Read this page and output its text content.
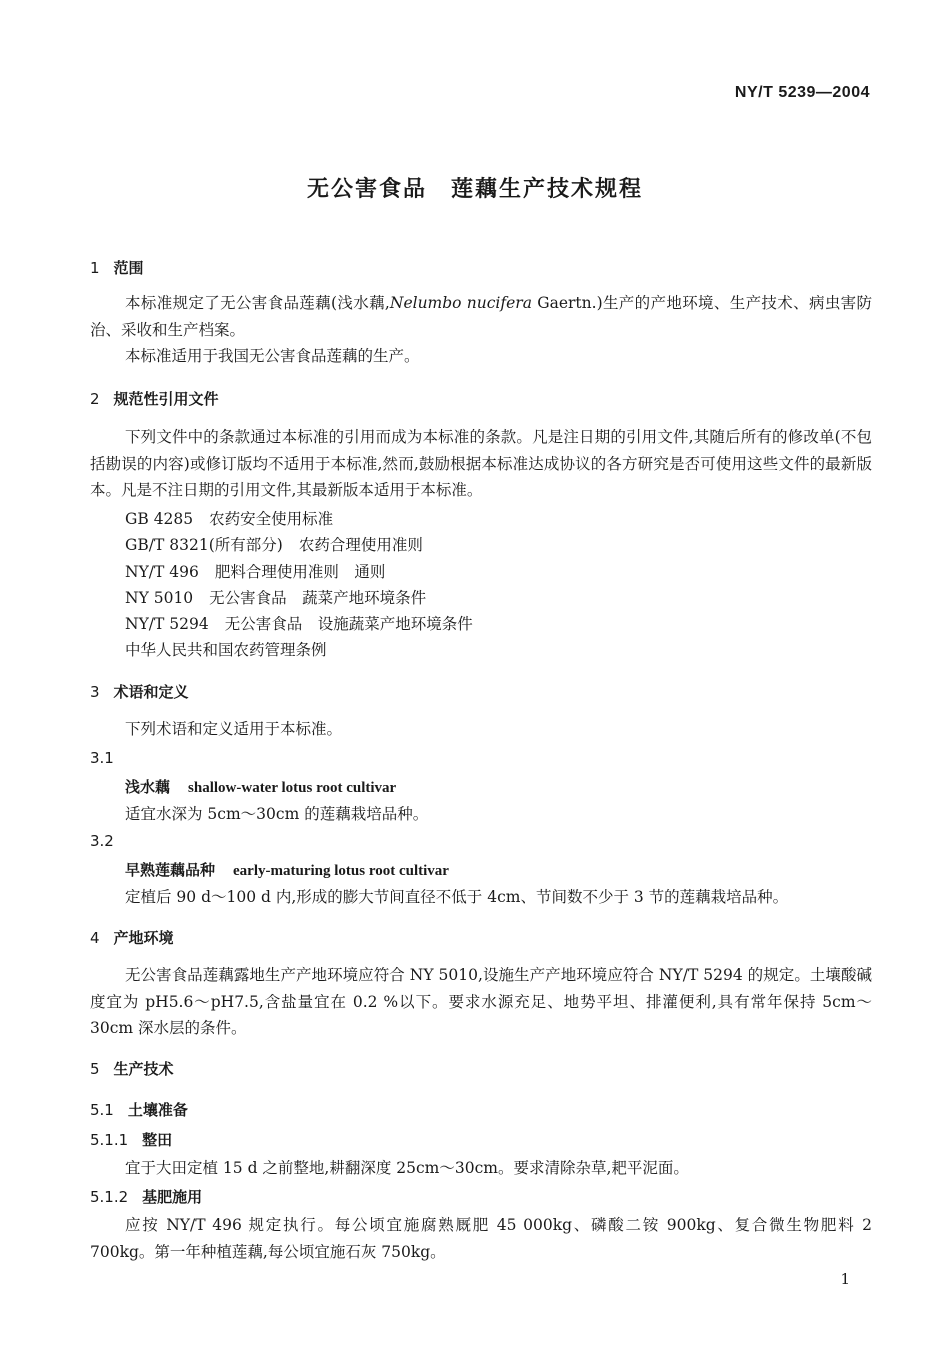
NY/T 5239—2004
无公害食品　莲藕生产技术规程
1 范围
本标准规定了无公害食品莲藕(浅水藕,Nelumbo nucifera Gaertn.)生产的产地环境、生产技术、病虫害防治、采收和生产档案。
本标准适用于我国无公害食品莲藕的生产。
2 规范性引用文件
下列文件中的条款通过本标准的引用而成为本标准的条款。凡是注日期的引用文件,其随后所有的修改单(不包括勘误的内容)或修订版均不适用于本标准,然而,鼓励根据本标准达成协议的各方研究是否可使用这些文件的最新版本。凡是不注日期的引用文件,其最新版本适用于本标准。
GB 4285 农药安全使用标准
GB/T 8321(所有部分) 农药合理使用准则
NY/T 496 肥料合理使用准则　通则
NY 5010 无公害食品　蔬菜产地环境条件
NY/T 5294 无公害食品　设施蔬菜产地环境条件
中华人民共和国农药管理条例
3 术语和定义
下列术语和定义适用于本标准。
3.1
浅水藕 shallow-water lotus root cultivar
适宜水深为 5cm～30cm 的莲藕栽培品种。
3.2
早熟莲藕品种 early-maturing lotus root cultivar
定植后 90 d～100 d 内,形成的膨大节间直径不低于 4cm、节间数不少于 3 节的莲藕栽培品种。
4 产地环境
无公害食品莲藕露地生产产地环境应符合 NY 5010,设施生产产地环境应符合 NY/T 5294 的规定。土壤酸碱度宜为 pH5.6～pH7.5,含盐量宜在 0.2 %以下。要求水源充足、地势平坦、排灌便利,具有常年保持 5cm～30cm 深水层的条件。
5 生产技术
5.1 土壤准备
5.1.1 整田
宜于大田定植 15 d 之前整地,耕翻深度 25cm～30cm。要求清除杂草,耙平泥面。
5.1.2 基肥施用
应按 NY/T 496 规定执行。每公顷宜施腐熟厩肥 45 000kg、磷酸二铵 900kg、复合微生物肥料 2 700kg。第一年种植莲藕,每公顷宜施石灰 750kg。
1
